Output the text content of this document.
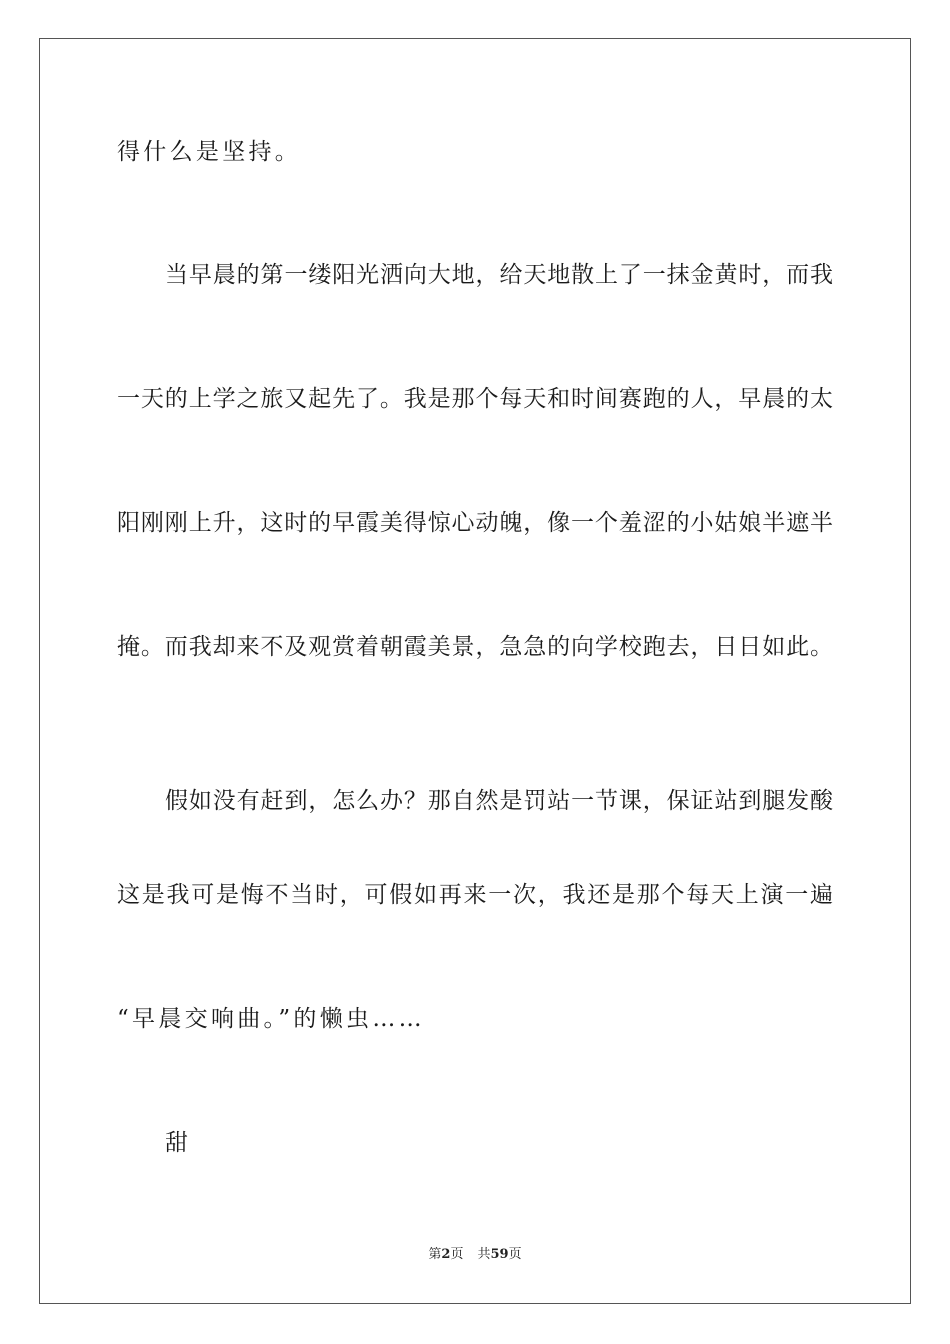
得什么是坚持。
当早晨的第一缕阳光洒向大地，给天地散上了一抹金黄时，而我
一天的上学之旅又起先了。我是那个每天和时间赛跑的人，早晨的太
阳刚刚上升，这时的早霞美得惊心动魄，像一个羞涩的小姑娘半遮半
掩。而我却来不及观赏着朝霞美景，急急的向学校跑去，日日如此。
假如没有赶到，怎么办？那自然是罚站一节课，保证站到腿发酸
这是我可是悔不当时，可假如再来一次，我还是那个每天上演一遍
“早晨交响曲。”的懒虫……
甜
第2页 共59页
